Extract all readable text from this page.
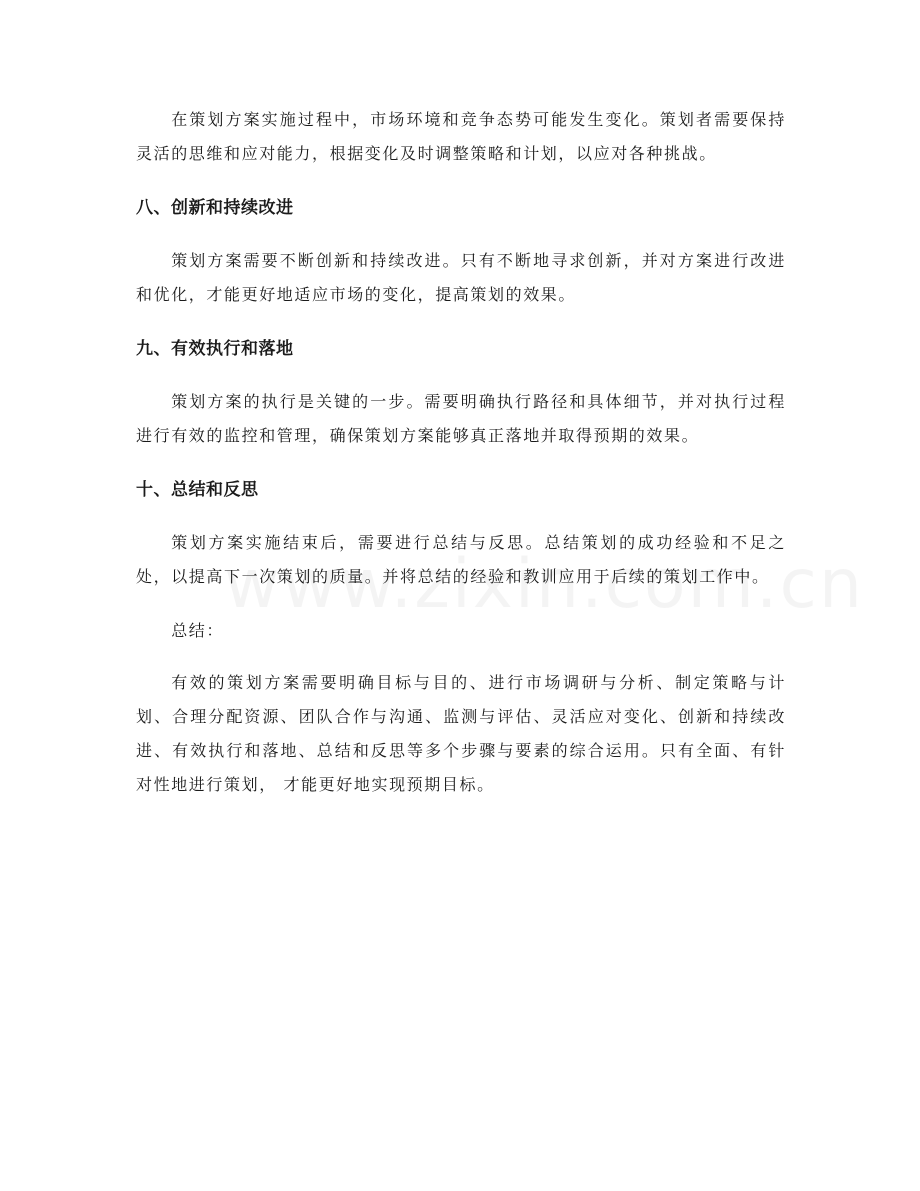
在策划方案实施过程中，市场环境和竞争态势可能发生变化。策划者需要保持灵活的思维和应对能力，根据变化及时调整策略和计划，以应对各种挑战。

八、创新和持续改进

策划方案需要不断创新和持续改进。只有不断地寻求创新，并对方案进行改进和优化，才能更好地适应市场的变化，提高策划的效果。

九、有效执行和落地

策划方案的执行是关键的一步。需要明确执行路径和具体细节，并对执行过程进行有效的监控和管理，确保策划方案能够真正落地并取得预期的效果。

十、总结和反思

策划方案实施结束后，需要进行总结与反思。总结策划的成功经验和不足之处，以提高下一次策划的质量。并将总结的经验和教训应用于后续的策划工作中。

总结：

有效的策划方案需要明确目标与目的、进行市场调研与分析、制定策略与计划、合理分配资源、团队合作与沟通、监测与评估、灵活应对变化、创新和持续改进、有效执行和落地、总结和反思等多个步骤与要素的综合运用。只有全面、有针对性地进行策划， 才能更好地实现预期目标。
